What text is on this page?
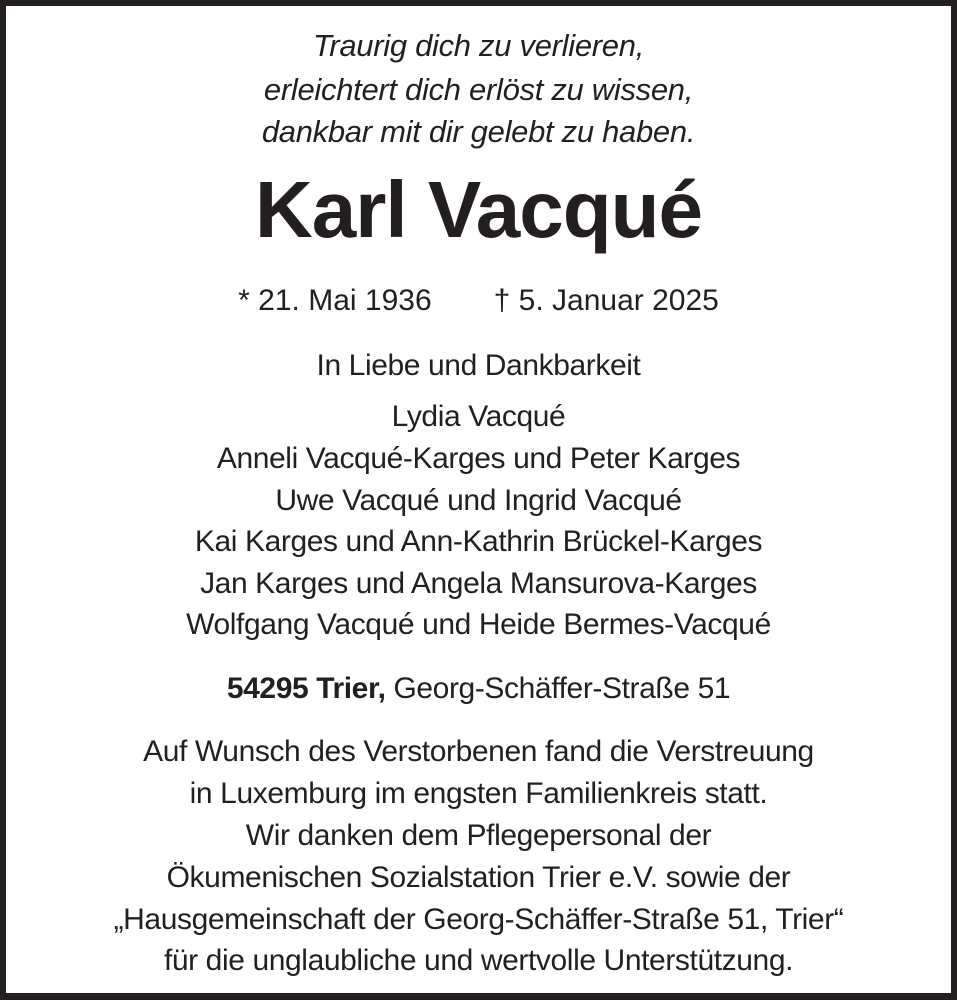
Traurig dich zu verlieren,
erleichtert dich erlöst zu wissen,
dankbar mit dir gelebt zu haben.
Karl Vacqué
* 21. Mai 1936 † 5. Januar 2025
In Liebe und Dankbarkeit
Lydia Vacqué
Anneli Vacqué-Karges und Peter Karges
Uwe Vacqué und Ingrid Vacqué
Kai Karges und Ann-Kathrin Brückel-Karges
Jan Karges und Angela Mansurova-Karges
Wolfgang Vacqué und Heide Bermes-Vacqué
54295 Trier, Georg-Schäffer-Straße 51
Auf Wunsch des Verstorbenen fand die Verstreuung
in Luxemburg im engsten Familienkreis statt.
Wir danken dem Pflegepersonal der
Ökumenischen Sozialstation Trier e.V. sowie der
„Hausgemeinschaft der Georg-Schäffer-Straße 51, Trier“
für die unglaubliche und wertvolle Unterstützung.
